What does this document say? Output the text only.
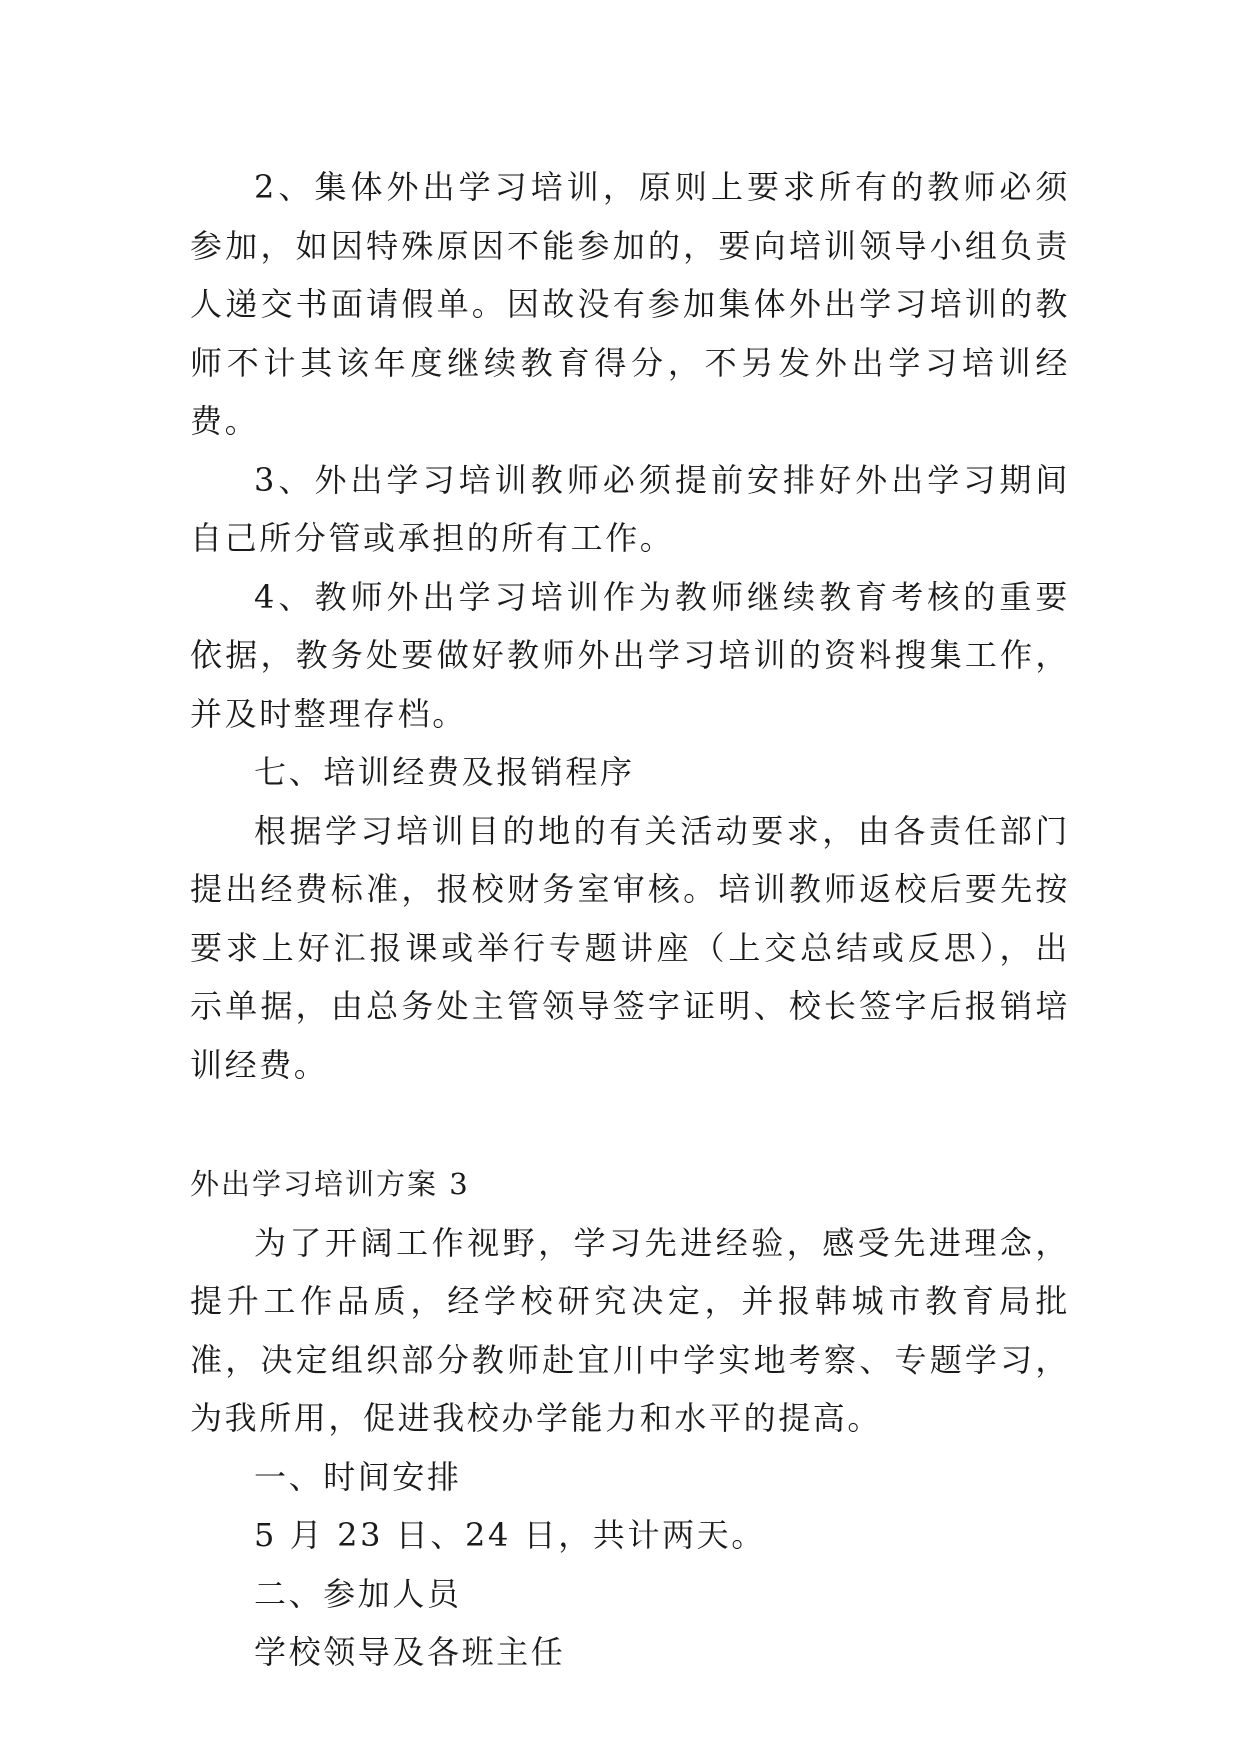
2、集体外出学习培训，原则上要求所有的教师必须参加，如因特殊原因不能参加的，要向培训领导小组负责人递交书面请假单。因故没有参加集体外出学习培训的教师不计其该年度继续教育得分，不另发外出学习培训经费。

3、外出学习培训教师必须提前安排好外出学习期间自己所分管或承担的所有工作。

4、教师外出学习培训作为教师继续教育考核的重要依据，教务处要做好教师外出学习培训的资料搜集工作，并及时整理存档。

七、培训经费及报销程序

根据学习培训目的地的有关活动要求，由各责任部门提出经费标准，报校财务室审核。培训教师返校后要先按要求上好汇报课或举行专题讲座（上交总结或反思），出示单据，由总务处主管领导签字证明、校长签字后报销培训经费。

外出学习培训方案 3

为了开阔工作视野，学习先进经验，感受先进理念，提升工作品质，经学校研究决定，并报韩城市教育局批准，决定组织部分教师赴宜川中学实地考察、专题学习，为我所用，促进我校办学能力和水平的提高。

一、时间安排

5 月 23 日、24 日，共计两天。

二、参加人员

学校领导及各班主任
